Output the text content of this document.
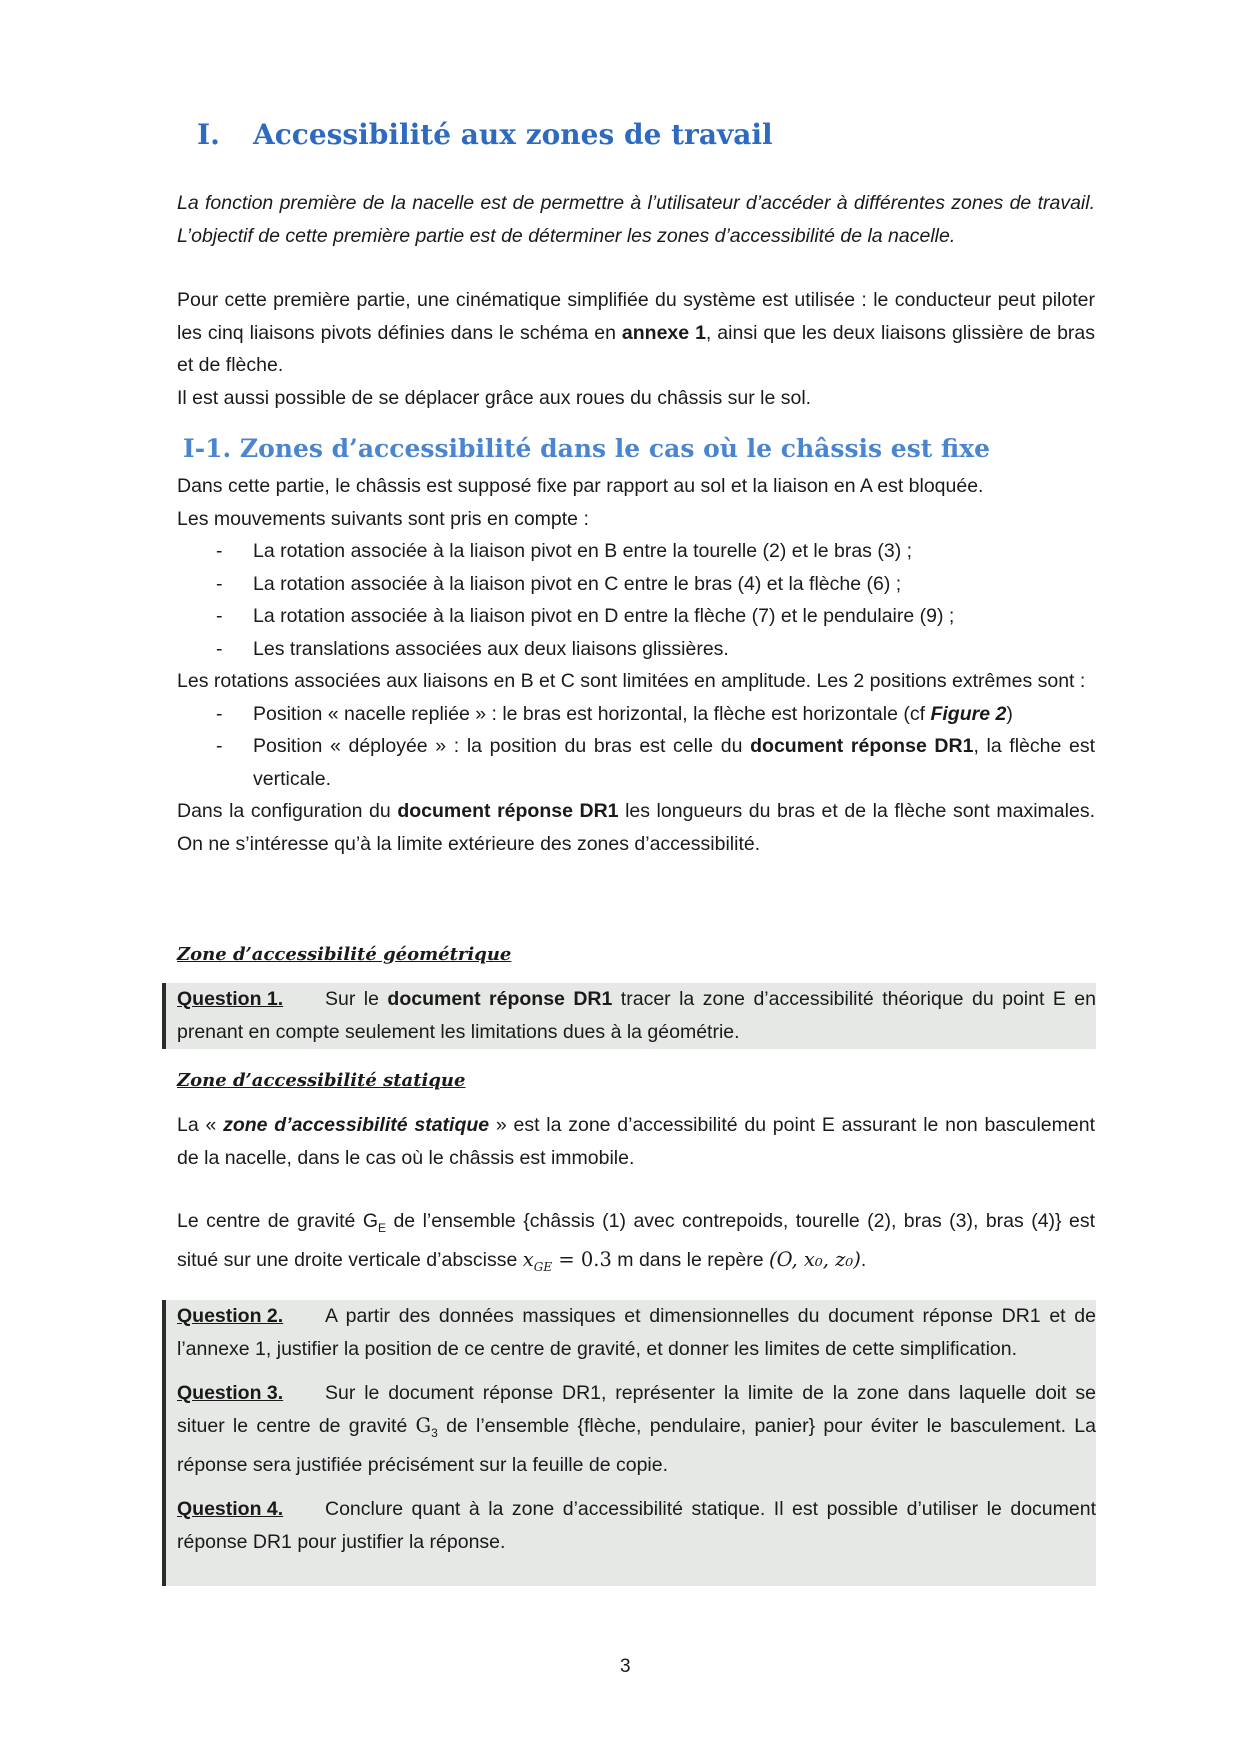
I. Accessibilité aux zones de travail

La fonction première de la nacelle est de permettre à l’utilisateur d’accéder à différentes zones de travail. L’objectif de cette première partie est de déterminer les zones d’accessibilité de la nacelle.

Pour cette première partie, une cinématique simplifiée du système est utilisée : le conducteur peut piloter les cinq liaisons pivots définies dans le schéma en annexe 1, ainsi que les deux liaisons glissière de bras et de flèche.

Il est aussi possible de se déplacer grâce aux roues du châssis sur le sol.

I-1. Zones d’accessibilité dans le cas où le châssis est fixe

Dans cette partie, le châssis est supposé fixe par rapport au sol et la liaison en A est bloquée.

Les mouvements suivants sont pris en compte :

- La rotation associée à la liaison pivot en B entre la tourelle (2) et le bras (3) ;
- La rotation associée à la liaison pivot en C entre le bras (4) et la flèche (6) ;
- La rotation associée à la liaison pivot en D entre la flèche (7) et le pendulaire (9) ;
- Les translations associées aux deux liaisons glissières.

Les rotations associées aux liaisons en B et C sont limitées en amplitude. Les 2 positions extrêmes sont :

- Position « nacelle repliée » : le bras est horizontal, la flèche est horizontale (cf Figure 2)
- Position « déployée » : la position du bras est celle du document réponse DR1, la flèche est verticale.

Dans la configuration du document réponse DR1 les longueurs du bras et de la flèche sont maximales. On ne s’intéresse qu’à la limite extérieure des zones d’accessibilité.

Zone d’accessibilité géométrique

Question 1. Sur le document réponse DR1 tracer la zone d’accessibilité théorique du point E en prenant en compte seulement les limitations dues à la géométrie.

Zone d’accessibilité statique

La « zone d’accessibilité statique » est la zone d’accessibilité du point E assurant le non basculement de la nacelle, dans le cas où le châssis est immobile.

Le centre de gravité $G_E$ de l’ensemble {châssis (1) avec contrepoids, tourelle (2), bras (3), bras (4)} est situé sur une droite verticale d’abscisse $x_{GE} = 0.3$ m dans le repère (O, x₀, z₀).

Question 2. A partir des données massiques et dimensionnelles du document réponse DR1 et de l’annexe 1, justifier la position de ce centre de gravité, et donner les limites de cette simplification.

Question 3. Sur le document réponse DR1, représenter la limite de la zone dans laquelle doit se situer le centre de gravité $G_3$ de l’ensemble {flèche, pendulaire, panier} pour éviter le basculement. La réponse sera justifiée précisément sur la feuille de copie.

Question 4. Conclure quant à la zone d’accessibilité statique. Il est possible d’utiliser le document réponse DR1 pour justifier la réponse.

3
